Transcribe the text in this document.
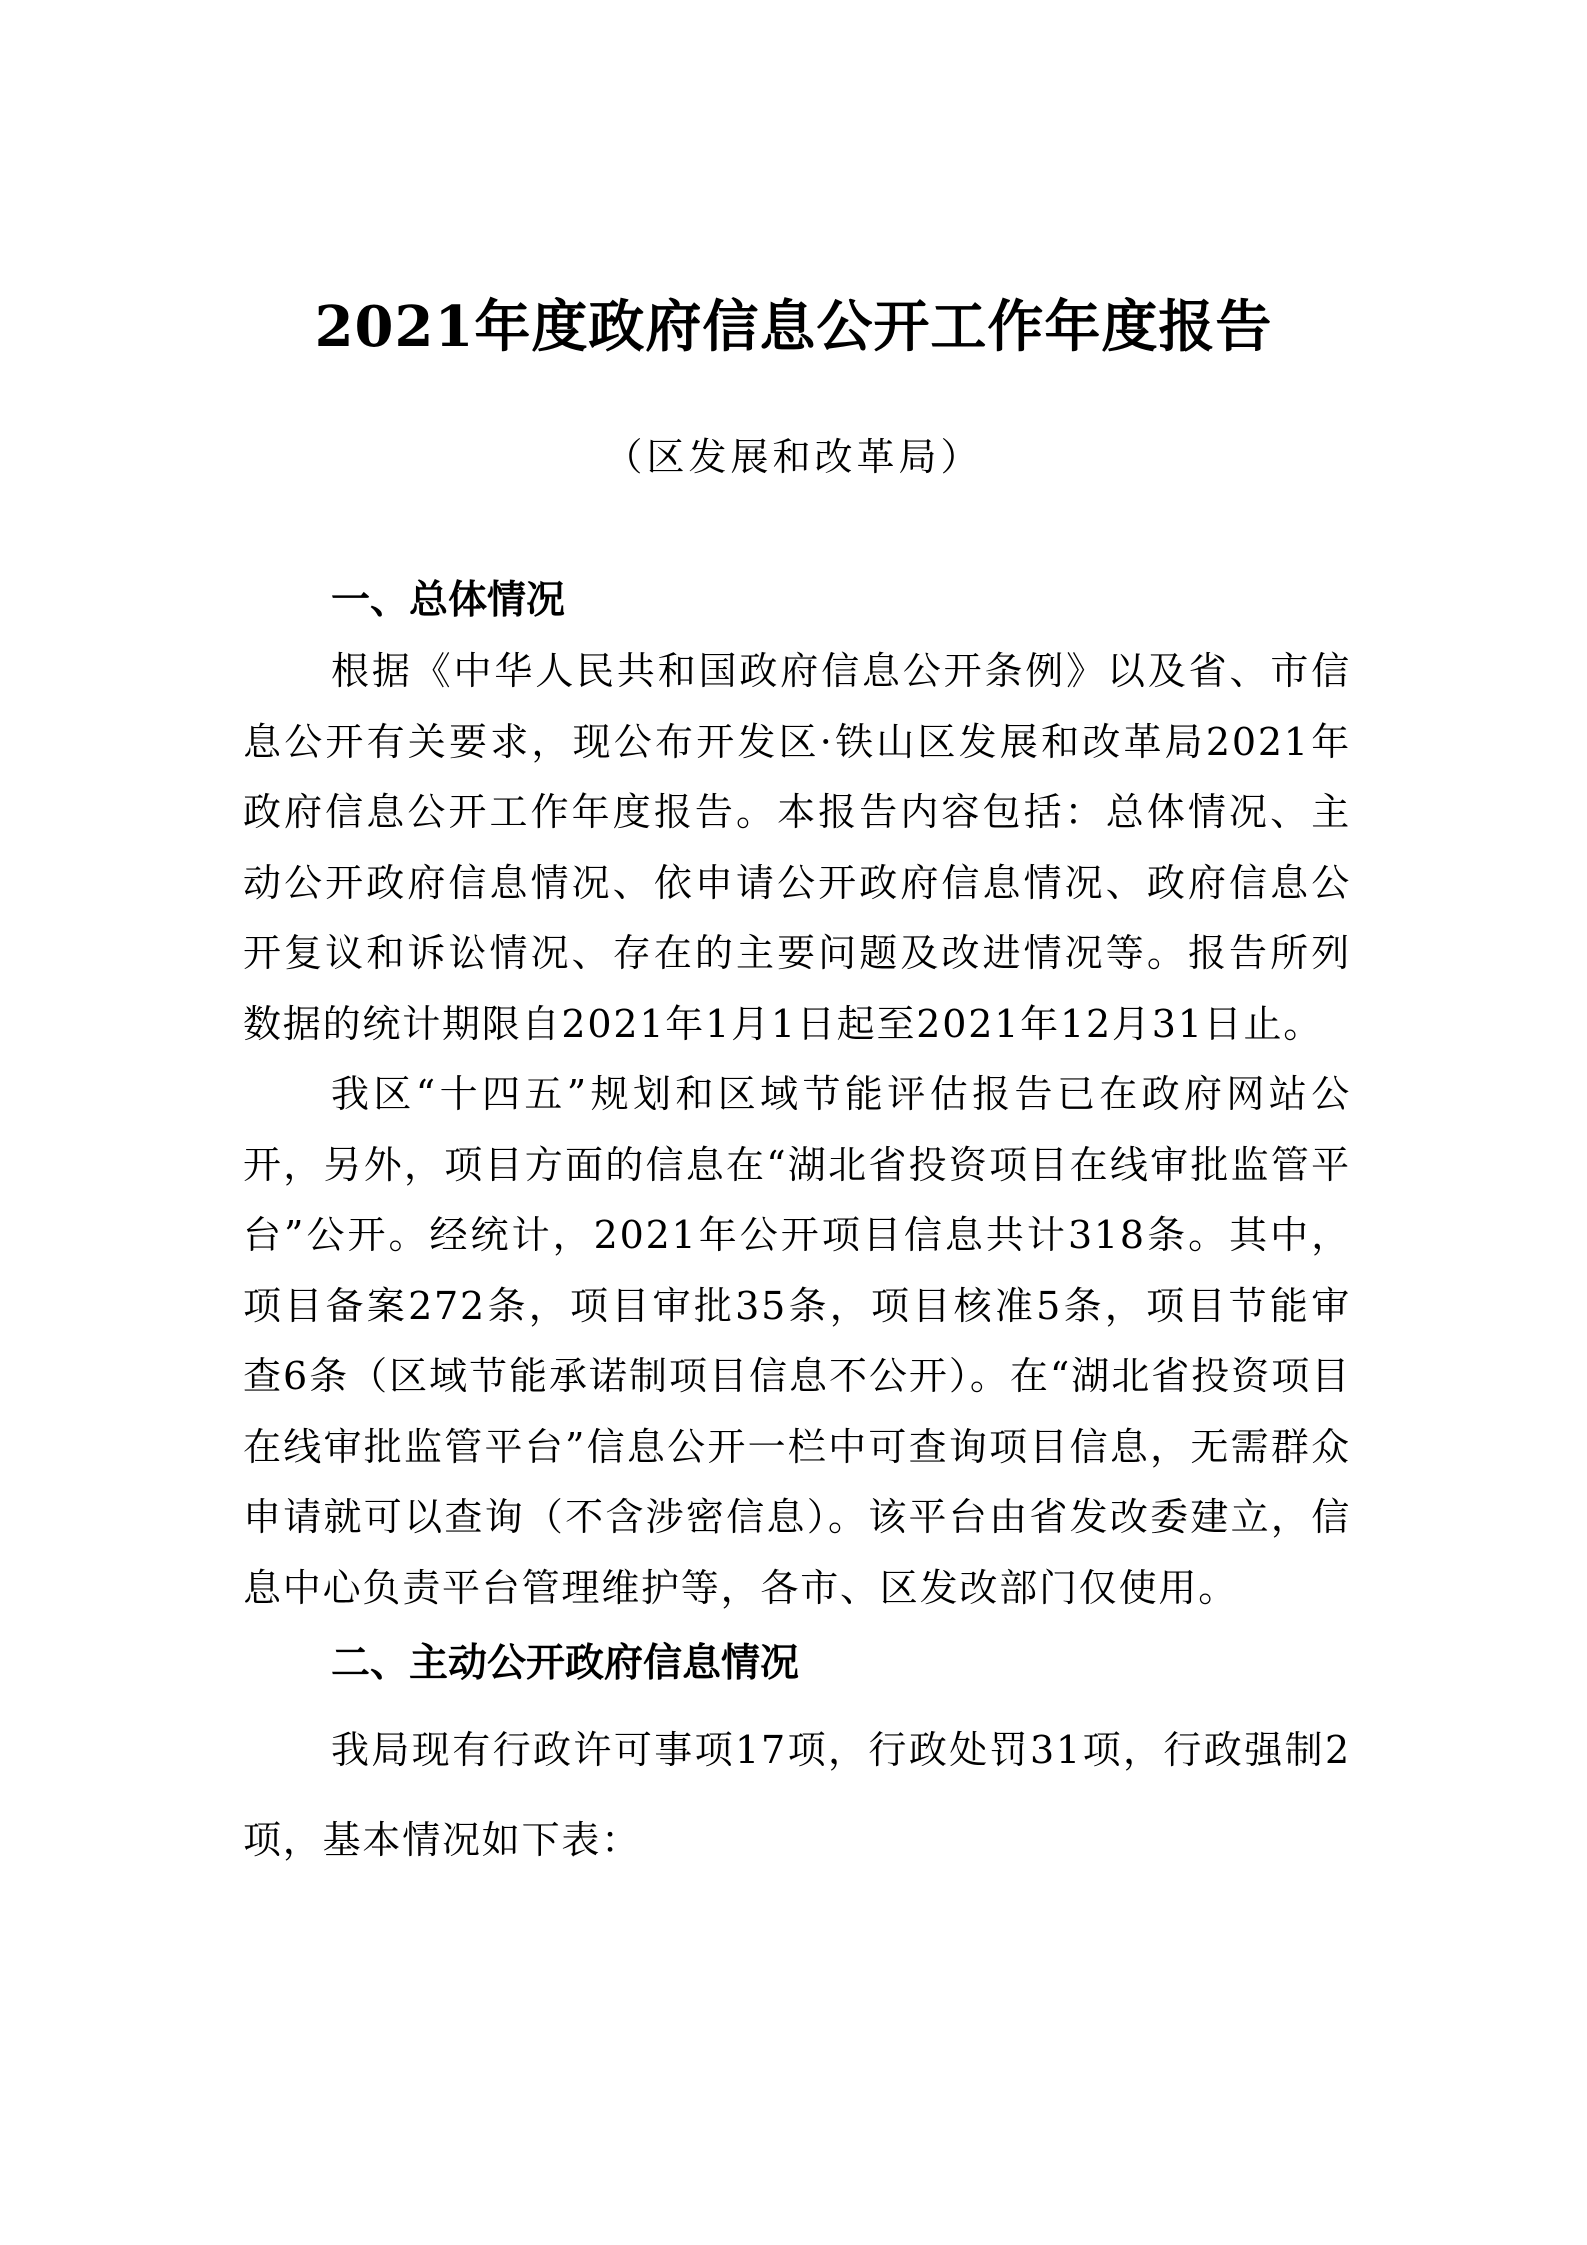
2021年度政府信息公开工作年度报告

（区发展和改革局）

一、总体情况

根据《中华人民共和国政府信息公开条例》以及省、市信息公开有关要求，现公布开发区·铁山区发展和改革局2021年政府信息公开工作年度报告。本报告内容包括：总体情况、主动公开政府信息情况、依申请公开政府信息情况、政府信息公开复议和诉讼情况、存在的主要问题及改进情况等。报告所列数据的统计期限自2021年1月1日起至2021年12月31日止。

我区“十四五”规划和区域节能评估报告已在政府网站公开，另外，项目方面的信息在“湖北省投资项目在线审批监管平台”公开。经统计，2021年公开项目信息共计318条。其中，项目备案272条，项目审批35条，项目核准5条，项目节能审查6条（区域节能承诺制项目信息不公开）。在“湖北省投资项目在线审批监管平台”信息公开一栏中可查询项目信息，无需群众申请就可以查询（不含涉密信息）。该平台由省发改委建立，信息中心负责平台管理维护等，各市、区发改部门仅使用。

二、主动公开政府信息情况

我局现有行政许可事项17项，行政处罚31项，行政强制2项，基本情况如下表：
